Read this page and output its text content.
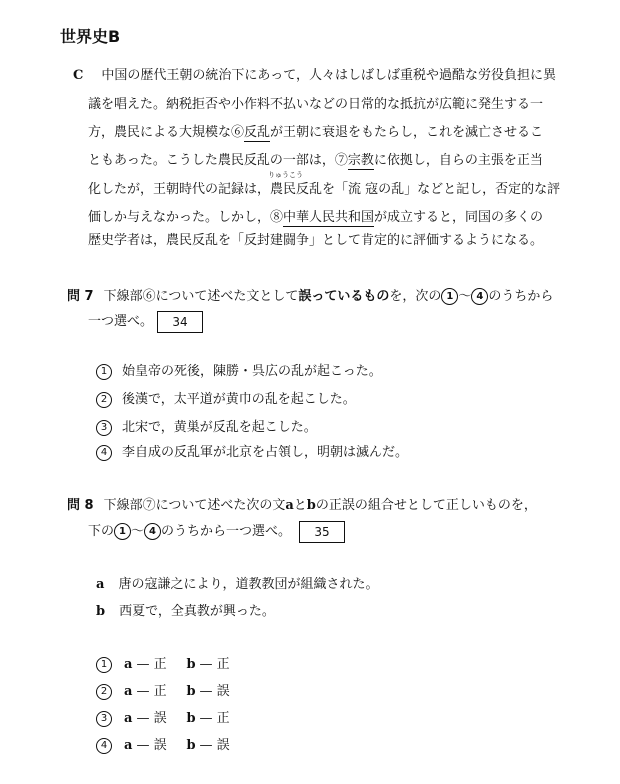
世界史B
C 中国の歴代王朝の統治下にあって，人々はしばしば重税や過酷な労役負担に異
議を唱えた。納税拒否や小作料不払いなどの日常的な抵抗が広範に発生する一
方，農民による大規模な⑥反乱が王朝に衰退をもたらし，これを滅亡させるこ
ともあった。こうした農民反乱の一部は，⑦宗教に依拠し，自らの主張を正当
りゅうこう
化したが，王朝時代の記録は，農民反乱を「流 寇の乱」などと記し，否定的な評
価しか与えなかった。しかし，⑧中華人民共和国が成立すると，同国の多くの
歴史学者は，農民反乱を「反封建闘争」として肯定的に評価するようになる。
問 7 下線部⑥について述べた文として誤っているものを，次の 1 ～ 4 のうちから
一つ選べ。 34
1 始皇帝の死後，陳勝・呉広の乱が起こった。
2 後漢で，太平道が黄巾の乱を起こした。
3 北宋で，黄巣が反乱を起こした。
4 李自成の反乱軍が北京を占領し，明朝は滅んだ。
問 8 下線部⑦について述べた次の文aとbの正誤の組合せとして正しいものを，
下の 1 ～ 4 のうちから一つ選べ。 35
a 唐の寇謙之により，道教教団が組織された。
b 西夏で，全真教が興った。
1 a — 正 b — 正
2 a — 正 b — 誤
3 a — 誤 b — 正
4 a — 誤 b — 誤
